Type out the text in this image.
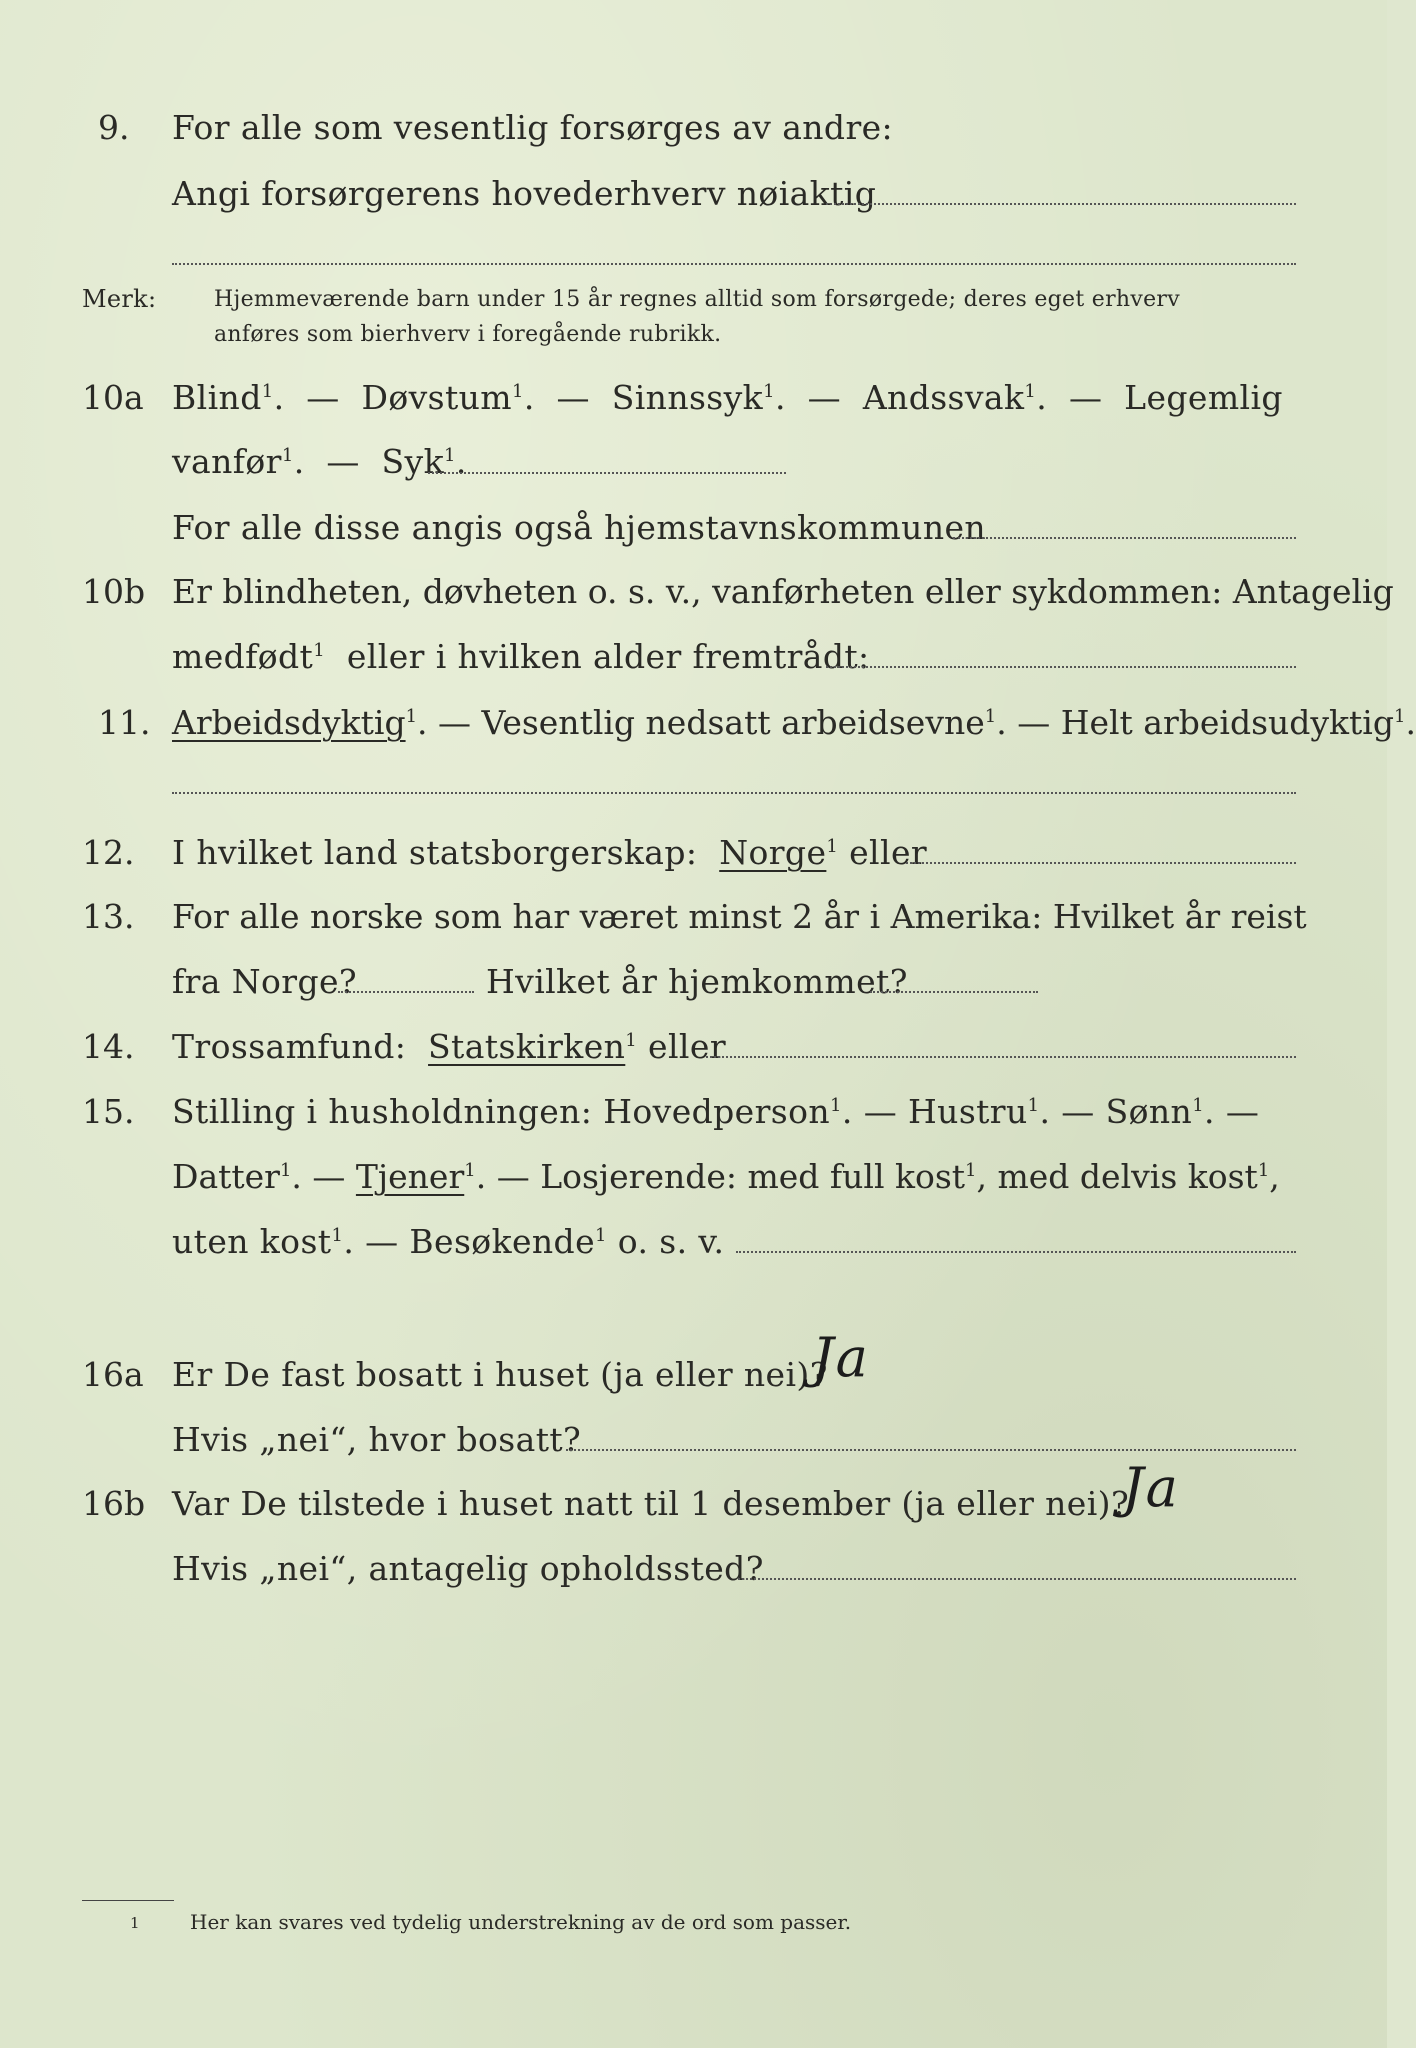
9. For alle som vesentlig forsørges av andre:
Angi forsørgerens hovederhverv nøiaktig
Merk:	Hjemmeværende barn under 15 år regnes alltid som forsørgede; deres eget erhverv
anføres som bierhverv i foregående rubrikk.
10a Blind$^1$.  — Døvstum$^1$.  — Sinnssyk$^1$.  — Andssvak$^1$.  — Legemlig
vanfør$^1$.  — Syk$^1$.
For alle disse angis også hjemstavnskommunen
10b Er blindheten, døvheten o. s. v., vanførheten eller sykdommen: Antagelig
medfødt$^1$ eller i hvilken alder fremtrådt:
11. Arbeidsdyktig$^1$. — Vesentlig nedsatt arbeidsevne$^1$. — Helt arbeidsudyktig$^1$.
12. I hvilket land statsborgerskap: Norge$^1$ eller
13. For alle norske som har været minst 2 år i Amerika: Hvilket år reist
fra Norge?	Hvilket år hjemkommet?
14. Trossamfund: Statskirken$^1$ eller
15. Stilling i husholdningen: Hovedperson$^1$. — Hustru$^1$. — Sønn$^1$. —
Datter$^1$. — Tjener$^1$. — Losjerende: med full kost$^1$, med delvis kost$^1$,
uten kost$^1$. — Besøkende$^1$ o. s. v.
16a Er De fast bosatt i huset (ja eller nei)?
Ja
Hvis „nei“, hvor bosatt?
16b Var De tilstede i huset natt til 1 desember (ja eller nei)?
Ja
Hvis „nei“, antagelig opholdssted?
1	Her kan svares ved tydelig understrekning av de ord som passer.
